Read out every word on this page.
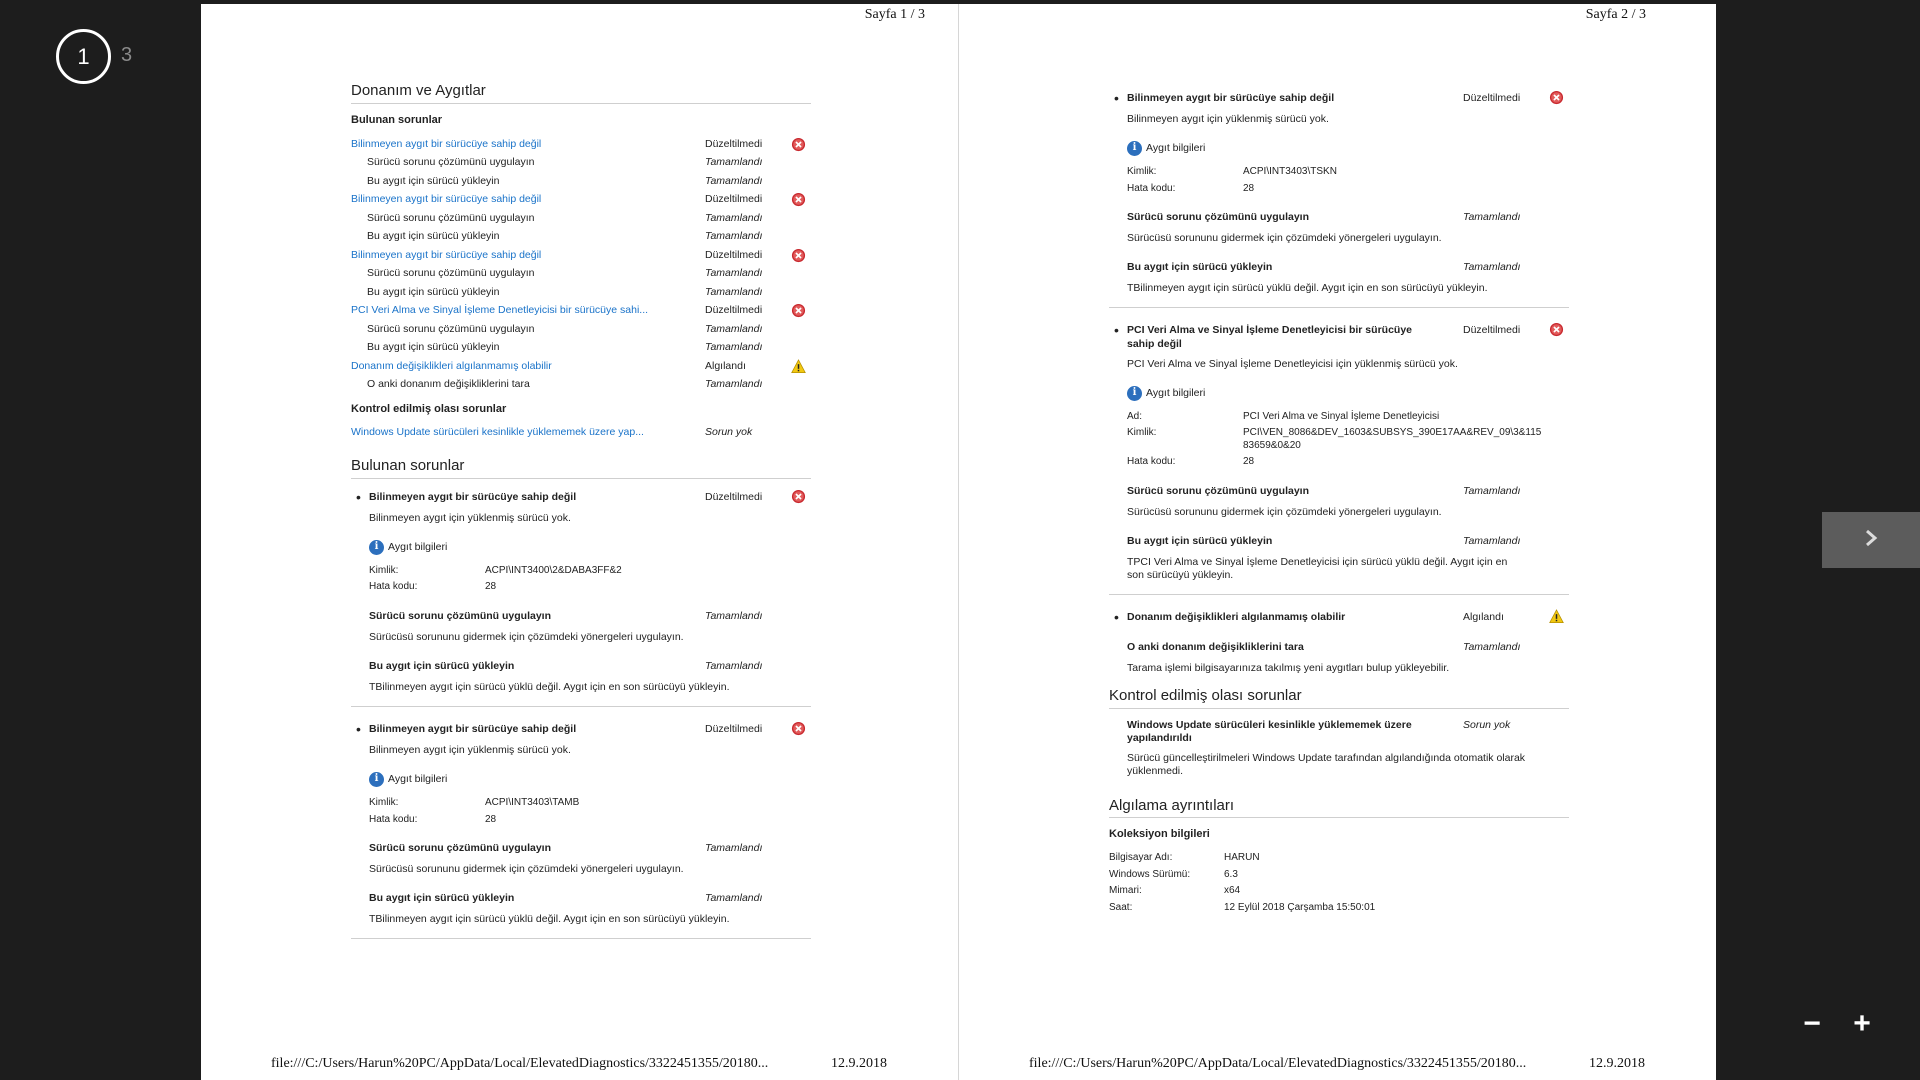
1 3
Sayfa 1 / 3
Donanım ve Aygıtlar
Bulunan sorunlar
Bilinmeyen aygıt bir sürücüye sahip değil	Düzeltilmedi
Sürücü sorunu çözümünü uygulayın	Tamamlandı
Bu aygıt için sürücü yükleyin	Tamamlandı
Bilinmeyen aygıt bir sürücüye sahip değil	Düzeltilmedi
Sürücü sorunu çözümünü uygulayın	Tamamlandı
Bu aygıt için sürücü yükleyin	Tamamlandı
Bilinmeyen aygıt bir sürücüye sahip değil	Düzeltilmedi
Sürücü sorunu çözümünü uygulayın	Tamamlandı
Bu aygıt için sürücü yükleyin	Tamamlandı
PCI Veri Alma ve Sinyal İşleme Denetleyicisi bir sürücüye sahi...	Düzeltilmedi
Sürücü sorunu çözümünü uygulayın	Tamamlandı
Bu aygıt için sürücü yükleyin	Tamamlandı
Donanım değişiklikleri algılanmamış olabilir	Algılandı
O anki donanım değişikliklerini tara	Tamamlandı
Kontrol edilmiş olası sorunlar
Windows Update sürücüleri kesinlikle yüklememek üzere yap...	Sorun yok
Bulunan sorunlar
• Bilinmeyen aygıt bir sürücüye sahip değil	Düzeltilmedi
Bilinmeyen aygıt için yüklenmiş sürücü yok.
i Aygıt bilgileri
Kimlik:	ACPI\INT3400\2&DABA3FF&2
Hata kodu:	28
Sürücü sorunu çözümünü uygulayın	Tamamlandı
Sürücüsü sorununu gidermek için çözümdeki yönergeleri uygulayın.
Bu aygıt için sürücü yükleyin	Tamamlandı
TBilinmeyen aygıt için sürücü yüklü değil. Aygıt için en son sürücüyü yükleyin.
• Bilinmeyen aygıt bir sürücüye sahip değil	Düzeltilmedi
Bilinmeyen aygıt için yüklenmiş sürücü yok.
i Aygıt bilgileri
Kimlik:	ACPI\INT3403\TAMB
Hata kodu:	28
Sürücü sorunu çözümünü uygulayın	Tamamlandı
Sürücüsü sorununu gidermek için çözümdeki yönergeleri uygulayın.
Bu aygıt için sürücü yükleyin	Tamamlandı
TBilinmeyen aygıt için sürücü yüklü değil. Aygıt için en son sürücüyü yükleyin.
file:///C:/Users/Harun%20PC/AppData/Local/ElevatedDiagnostics/3322451355/20180...	12.9.2018
Sayfa 2 / 3
• Bilinmeyen aygıt bir sürücüye sahip değil	Düzeltilmedi
Bilinmeyen aygıt için yüklenmiş sürücü yok.
i Aygıt bilgileri
Kimlik:	ACPI\INT3403\TSKN
Hata kodu:	28
Sürücü sorunu çözümünü uygulayın	Tamamlandı
Sürücüsü sorununu gidermek için çözümdeki yönergeleri uygulayın.
Bu aygıt için sürücü yükleyin	Tamamlandı
TBilinmeyen aygıt için sürücü yüklü değil. Aygıt için en son sürücüyü yükleyin.
• PCI Veri Alma ve Sinyal İşleme Denetleyicisi bir sürücüye sahip değil
Düzeltilmedi
PCI Veri Alma ve Sinyal İşleme Denetleyicisi için yüklenmiş sürücü yok.
i Aygıt bilgileri
Ad:	PCI Veri Alma ve Sinyal İşleme Denetleyicisi
Kimlik:	PCI\VEN_8086&DEV_1603&SUBSYS_390E17AA&REV_09\3&11583659&0&20
Hata kodu:	28
Sürücü sorunu çözümünü uygulayın	Tamamlandı
Sürücüsü sorununu gidermek için çözümdeki yönergeleri uygulayın.
Bu aygıt için sürücü yükleyin	Tamamlandı
TPCI Veri Alma ve Sinyal İşleme Denetleyicisi için sürücü yüklü değil. Aygıt için en son sürücüyü yükleyin.
• Donanım değişiklikleri algılanmamış olabilir	Algılandı
O anki donanım değişikliklerini tara	Tamamlandı
Tarama işlemi bilgisayarınıza takılmış yeni aygıtları bulup yükleyebilir.
Kontrol edilmiş olası sorunlar
Windows Update sürücüleri kesinlikle yüklememek üzere yapılandırıldı
Sorun yok
Sürücü güncelleştirilmeleri Windows Update tarafından algılandığında otomatik olarak yüklenmedi.
Algılama ayrıntıları
Koleksiyon bilgileri
Bilgisayar Adı:	HARUN
Windows Sürümü:	6.3
Mimari:	x64
Saat:	12 Eylül 2018 Çarşamba 15:50:01
file:///C:/Users/Harun%20PC/AppData/Local/ElevatedDiagnostics/3322451355/20180...	12.9.2018
− +
